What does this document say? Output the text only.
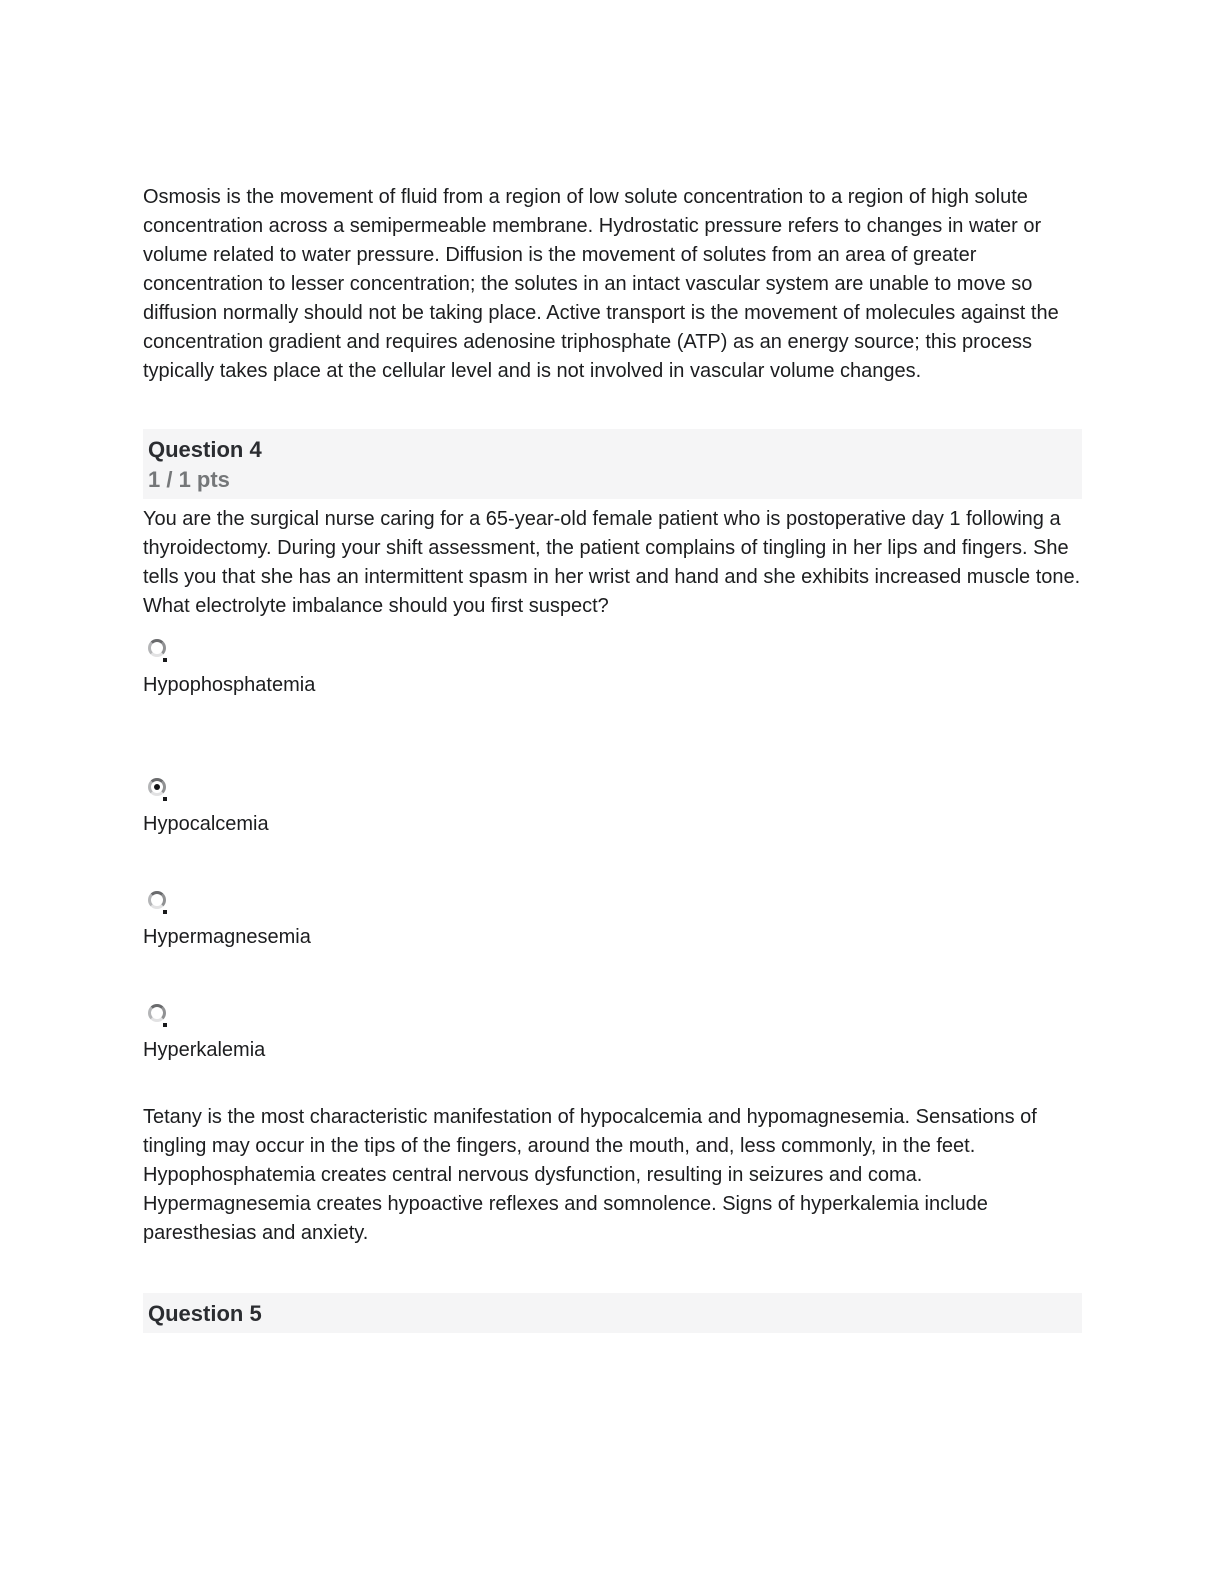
Osmosis is the movement of fluid from a region of low solute concentration to a region of high solute concentration across a semipermeable membrane. Hydrostatic pressure refers to changes in water or volume related to water pressure. Diffusion is the movement of solutes from an area of greater concentration to lesser concentration; the solutes in an intact vascular system are unable to move so diffusion normally should not be taking place. Active transport is the movement of molecules against the concentration gradient and requires adenosine triphosphate (ATP) as an energy source; this process typically takes place at the cellular level and is not involved in vascular volume changes.

Question 4
1 / 1 pts

You are the surgical nurse caring for a 65-year-old female patient who is postoperative day 1 following a thyroidectomy. During your shift assessment, the patient complains of tingling in her lips and fingers. She tells you that she has an intermittent spasm in her wrist and hand and she exhibits increased muscle tone. What electrolyte imbalance should you first suspect?

Hypophosphatemia
Hypocalcemia
Hypermagnesemia
Hyperkalemia

Tetany is the most characteristic manifestation of hypocalcemia and hypomagnesemia. Sensations of tingling may occur in the tips of the fingers, around the mouth, and, less commonly, in the feet. Hypophosphatemia creates central nervous dysfunction, resulting in seizures and coma. Hypermagnesemia creates hypoactive reflexes and somnolence. Signs of hyperkalemia include paresthesias and anxiety.

Question 5
